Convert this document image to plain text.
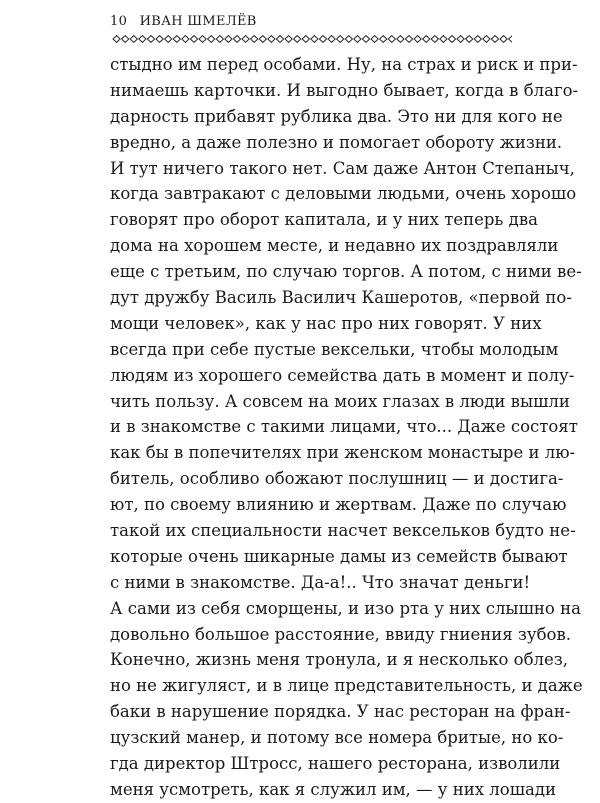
10 ИВАН ШМЕЛЁВ
стыдно им перед особами. Ну, на страх и риск и при-
нимаешь карточки. И выгодно бывает, когда в благо-
дарность прибавят рублика два. Это ни для кого не
вредно, а даже полезно и помогает обороту жизни.
И тут ничего такого нет. Сам даже Антон Степаныч,
когда завтракают с деловыми людьми, очень хорошо
говорят про оборот капитала, и у них теперь два
дома на хорошем месте, и недавно их поздравляли
еще с третьим, по случаю торгов. А потом, с ними ве-
дут дружбу Василь Василич Кашеротов, «первой по-
мощи человек», как у нас про них говорят. У них
всегда при себе пустые вексельки, чтобы молодым
людям из хорошего семейства дать в момент и полу-
чить пользу. А совсем на моих глазах в люди вышли
и в знакомстве с такими лицами, что... Даже состоят
как бы в попечителях при женском монастыре и лю-
битель, особливо обожают послушниц — и достига-
ют, по своему влиянию и жертвам. Даже по случаю
такой их специальности насчет вексельков будто не-
которые очень шикарные дамы из семейств бывают
с ними в знакомстве. Да-а!.. Что значат деньги!
А сами из себя сморщены, и изо рта у них слышно на
довольно большое расстояние, ввиду гниения зубов.
Конечно, жизнь меня тронула, и я несколько облез,
но не жигуляст, и в лице представительность, и даже
баки в нарушение порядка. У нас ресторан на фран-
цузский манер, и потому все номера бритые, но ко-
гда директор Штросс, нашего ресторана, изволили
меня усмотреть, как я служил им, — у них лошади
